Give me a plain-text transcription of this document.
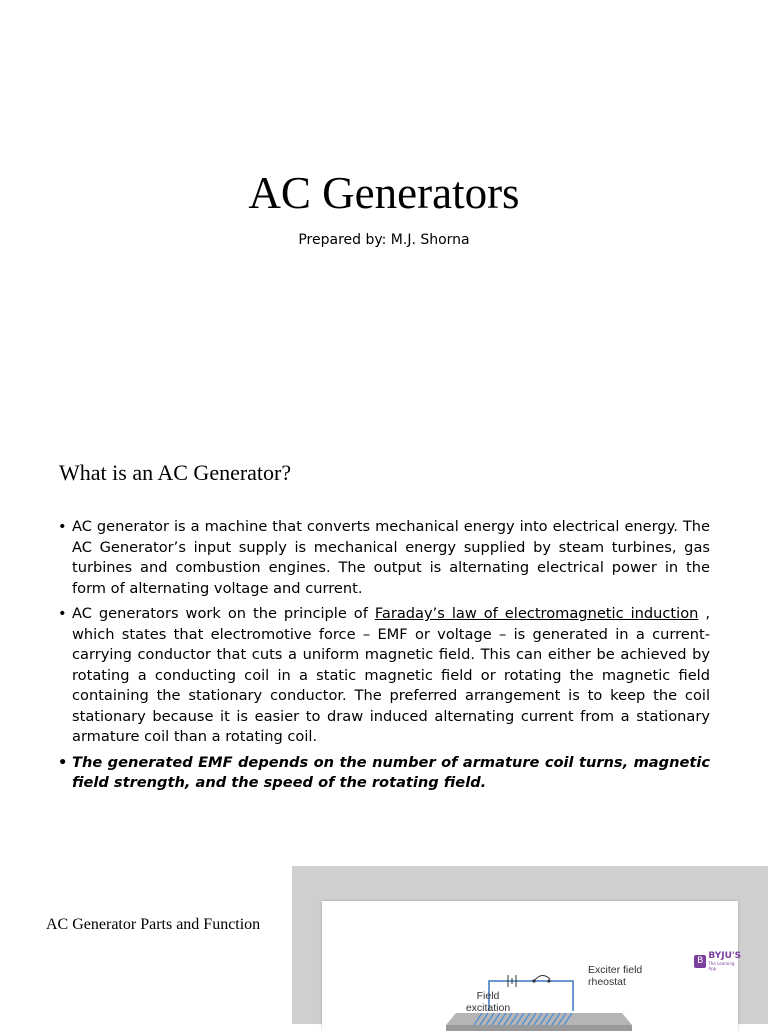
AC Generators

Prepared by: M.J. Shorna

What is an AC Generator?
• AC generator is a machine that converts mechanical energy into electrical energy. The AC Generator’s input supply is mechanical energy supplied by steam turbines, gas turbines and combustion engines. The output is alternating electrical power in the form of alternating voltage and current.
• AC generators work on the principle of Faraday’s law of electromagnetic induction , which states that electromotive force – EMF or voltage – is generated in a current-carrying conductor that cuts a uniform magnetic field. This can either be achieved by rotating a conducting coil in a static magnetic field or rotating the magnetic field containing the stationary conductor. The preferred arrangement is to keep the coil stationary because it is easier to draw induced alternating current from a stationary armature coil than a rotating coil.
• The generated EMF depends on the number of armature coil turns, magnetic field strength, and the speed of the rotating field.
AC Generator Parts and Function
Exciter field rheostat
Field excitation
B BYJU'S
The Learning App
